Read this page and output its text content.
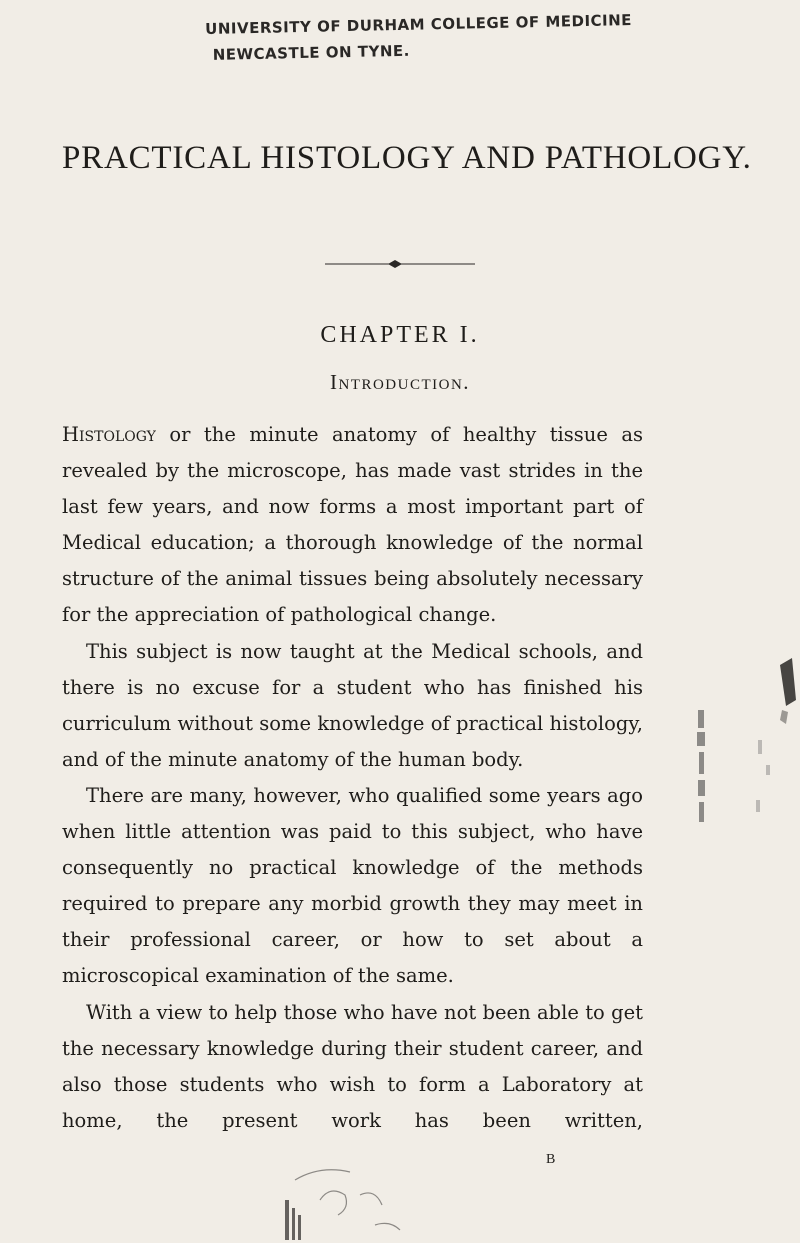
UNIVERSITY OF DURHAM COLLEGE OF MEDICINE
NEWCASTLE ON TYNE.
PRACTICAL HISTOLOGY AND PATHOLOGY.
CHAPTER I.
Introduction.

Histology or the minute anatomy of healthy tissue as revealed by the microscope, has made vast strides in the last few years, and now forms a most important part of Medical education; a thorough knowledge of the normal structure of the animal tissues being absolutely necessary for the appreciation of pathological change.

This subject is now taught at the Medical schools, and there is no excuse for a student who has finished his curriculum without some knowledge of practical histology, and of the minute anatomy of the human body.

There are many, however, who qualified some years ago when little attention was paid to this subject, who have consequently no practical knowledge of the methods required to prepare any morbid growth they may meet in their professional career, or how to set about a microscopical examination of the same.

With a view to help those who have not been able to get the necessary knowledge during their student career, and also those students who wish to form a Laboratory at home, the present work has been written,

B
